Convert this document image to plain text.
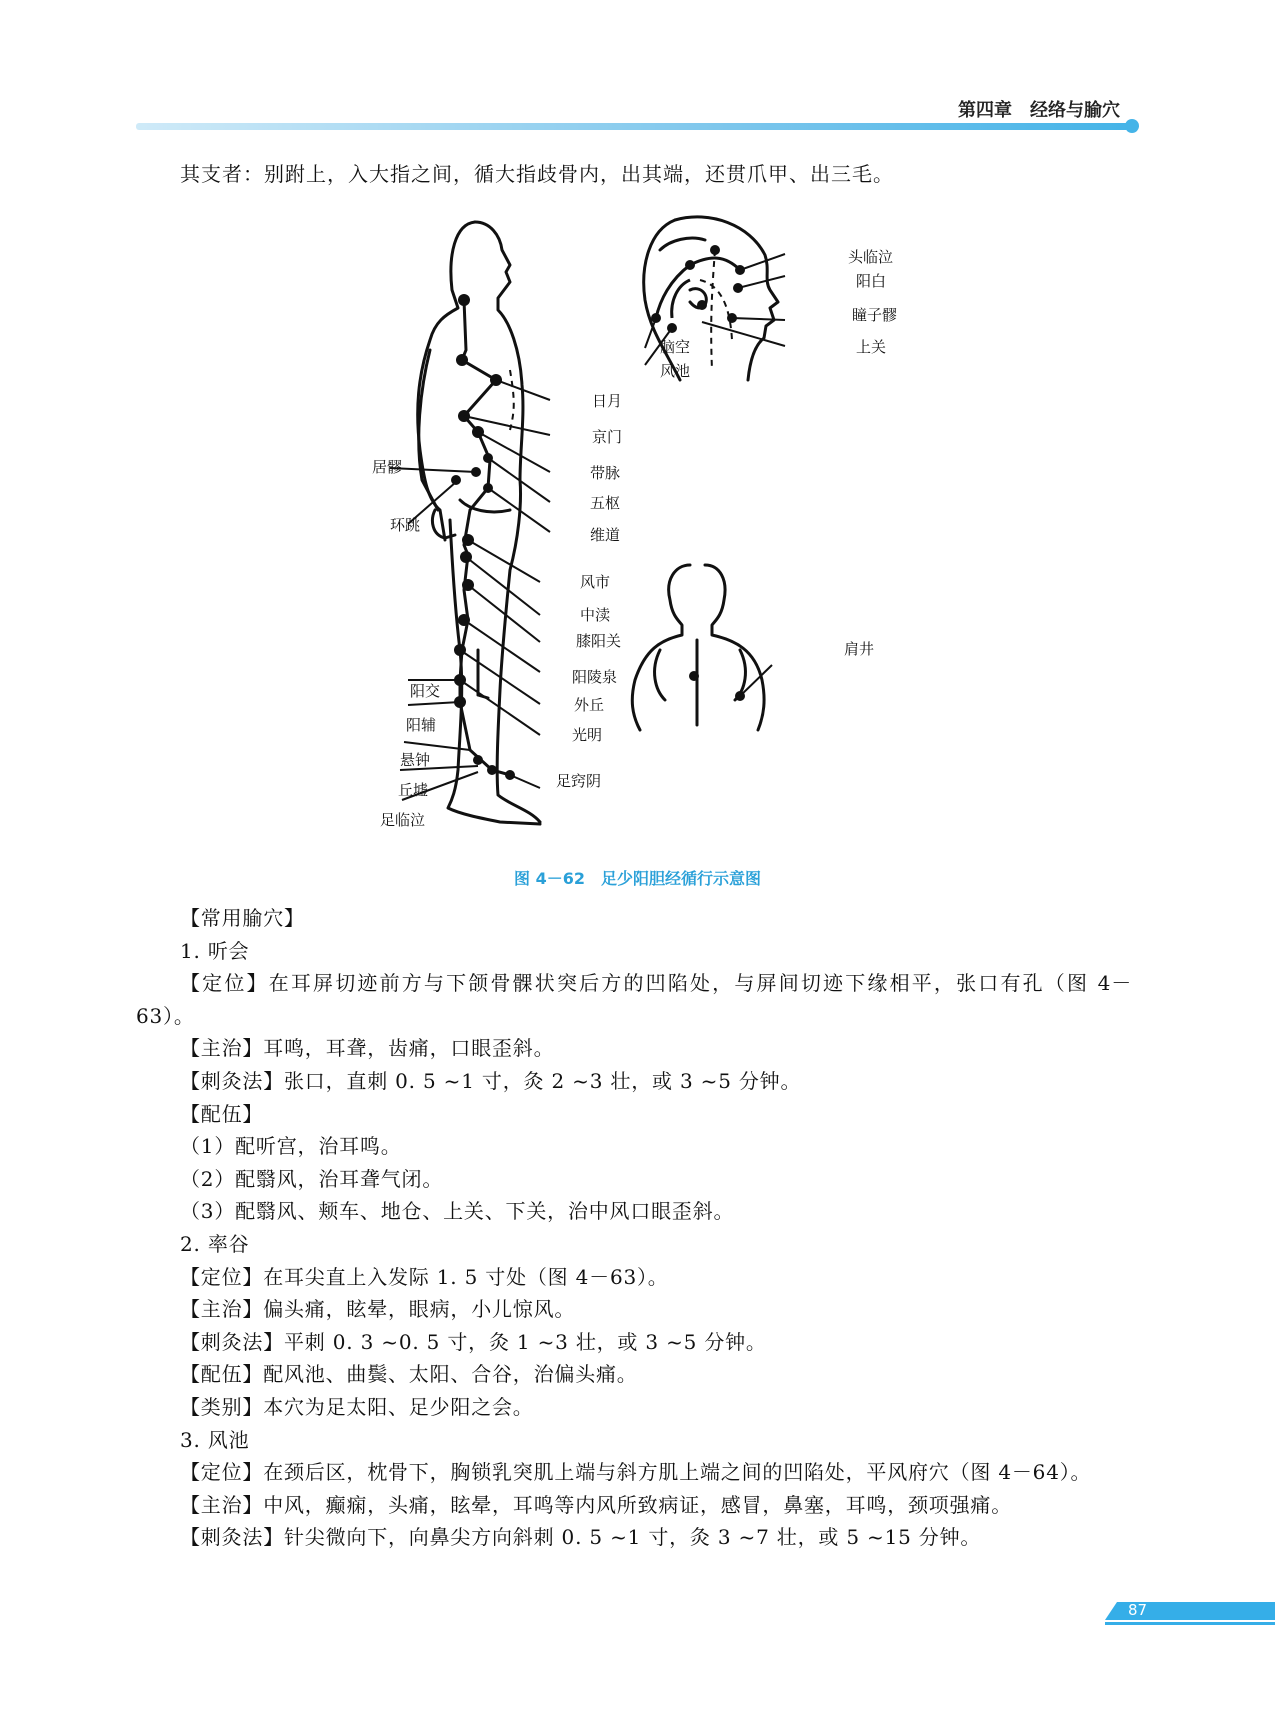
第四章　经络与腧穴
其支者：别跗上，入大指之间，循大指歧骨内，出其端，还贯爪甲、出三毛。
日月
京门
带脉
五枢
维道
居髎
环跳
风市
中渎
膝阳关
阳陵泉
外丘
光明
阳交
阳辅
悬钟
丘墟
足临泣
足窍阴
头临泣
阳白
瞳子髎
上关
脑空
风池
肩井
图 4－62　足少阳胆经循行示意图

【常用腧穴】

1. 听会

【定位】在耳屏切迹前方与下颌骨髁状突后方的凹陷处，与屏间切迹下缘相平，张口有孔（图 4－63）。

【主治】耳鸣，耳聋，齿痛，口眼歪斜。

【刺灸法】张口，直刺 0. 5 ~1 寸，灸 2 ~3 壮，或 3 ~5 分钟。

【配伍】

（1）配听宫，治耳鸣。

（2）配翳风，治耳聋气闭。

（3）配翳风、颊车、地仓、上关、下关，治中风口眼歪斜。

2. 率谷

【定位】在耳尖直上入发际 1. 5 寸处（图 4－63）。

【主治】偏头痛，眩晕，眼病，小儿惊风。

【刺灸法】平刺 0. 3 ~0. 5 寸，灸 1 ~3 壮，或 3 ~5 分钟。

【配伍】配风池、曲鬓、太阳、合谷，治偏头痛。

【类别】本穴为足太阳、足少阳之会。

3. 风池

【定位】在颈后区，枕骨下，胸锁乳突肌上端与斜方肌上端之间的凹陷处，平风府穴（图 4－64）。

【主治】中风，癫痫，头痛，眩晕，耳鸣等内风所致病证，感冒，鼻塞，耳鸣，颈项强痛。

【刺灸法】针尖微向下，向鼻尖方向斜刺 0. 5 ~1 寸，灸 3 ~7 壮，或 5 ~15 分钟。

87
